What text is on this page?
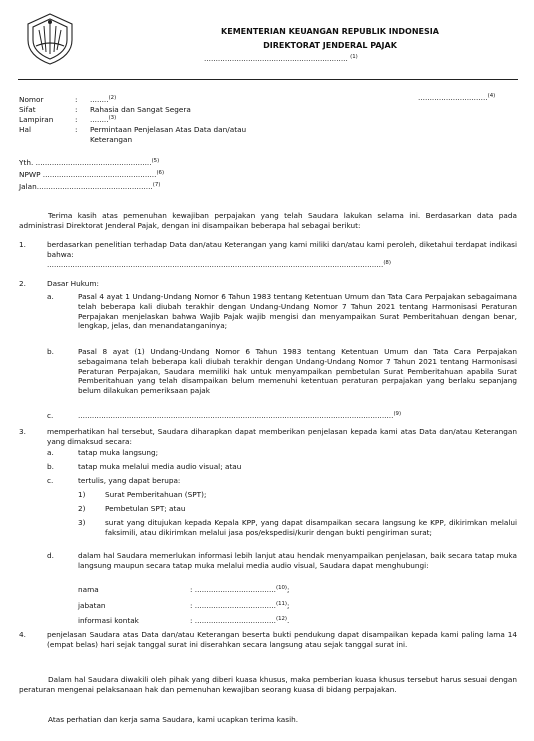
KEMENTERIAN KEUANGAN REPUBLIK INDONESIA
DIREKTORAT JENDERAL PAJAK
.............................................................. $^{(1)}$
Nomor	: ........$^{(2)}$	..............................$^{(4)}$
Sifat	: Rahasia dan Sangat Segera
Lampiran	: ........$^{(3)}$
Hal	: Permintaan Penjelasan Atas Data dan/atau
Keterangan
Yth. ..................................................$^{(5)}$
NPWP .................................................$^{(6)}$
Jalan..................................................$^{(7)}$
Terima kasih atas pemenuhan kewajiban perpajakan yang telah Saudara lakukan selama ini. Berdasarkan data pada administrasi Direktorat Jenderal Pajak, dengan ini disampaikan beberapa hal sebagai berikut:
1.	berdasarkan penelitian terhadap Data dan/atau Keterangan yang kami miliki dan/atau kami peroleh, diketahui terdapat indikasi bahwa:
.................................................................................................................................................$^{(8)}$
2.	Dasar Hukum:
a.	Pasal 4 ayat 1 Undang-Undang Nomor 6 Tahun 1983 tentang Ketentuan Umum dan Tata Cara Perpajakan sebagaimana telah beberapa kali diubah terakhir dengan Undang-Undang Nomor 7 Tahun 2021 tentang Harmonisasi Peraturan Perpajakan menjelaskan bahwa Wajib Pajak wajib mengisi dan menyampaikan Surat Pemberitahuan dengan benar, lengkap, jelas, dan menandatanganinya;
b.	Pasal 8 ayat (1) Undang-Undang Nomor 6 Tahun 1983 tentang Ketentuan Umum dan Tata Cara Perpajakan sebagaimana telah beberapa kali diubah terakhir dengan Undang-Undang Nomor 7 Tahun 2021 tentang Harmonisasi Peraturan Perpajakan, Saudara memiliki hak untuk menyampaikan pembetulan Surat Pemberitahuan apabila Surat Pemberitahuan yang telah disampaikan belum memenuhi ketentuan peraturan perpajakan yang berlaku sepanjang belum dilakukan pemeriksaan pajak
c.	........................................................................................................................................$^{(9)}$
3.	memperhatikan hal tersebut, Saudara diharapkan dapat memberikan penjelasan kepada kami atas Data dan/atau Keterangan yang dimaksud secara:
a.	tatap muka langsung;
b.	tatap muka melalui media audio visual; atau
c.	tertulis, yang dapat berupa:
1)	Surat Pemberitahuan (SPT);
2)	Pembetulan SPT; atau
3)	surat yang ditujukan kepada Kepala KPP, yang dapat disampaikan secara langsung ke KPP, dikirimkan melalui faksimili, atau dikirimkan melalui jasa pos/ekspedisi/kurir dengan bukti pengiriman surat;
d.	dalam hal Saudara memerlukan informasi lebih lanjut atau hendak menyampaikan penjelasan, baik secara tatap muka langsung maupun secara tatap muka melalui media audio visual, Saudara dapat menghubungi:
nama	: ...................................$^{(10)}$;
jabatan	: ...................................$^{(11)}$;
informasi kontak	: ...................................$^{(12)}$.
4.	penjelasan Saudara atas Data dan/atau Keterangan beserta bukti pendukung dapat disampaikan kepada kami paling lama 14 (empat belas) hari sejak tanggal surat ini diserahkan secara langsung atau sejak tanggal surat ini.
Dalam hal Saudara diwakili oleh pihak yang diberi kuasa khusus, maka pemberian kuasa khusus tersebut harus sesuai dengan peraturan mengenai pelaksanaan hak dan pemenuhan kewajiban seorang kuasa di bidang perpajakan.
Atas perhatian dan kerja sama Saudara, kami ucapkan terima kasih.
